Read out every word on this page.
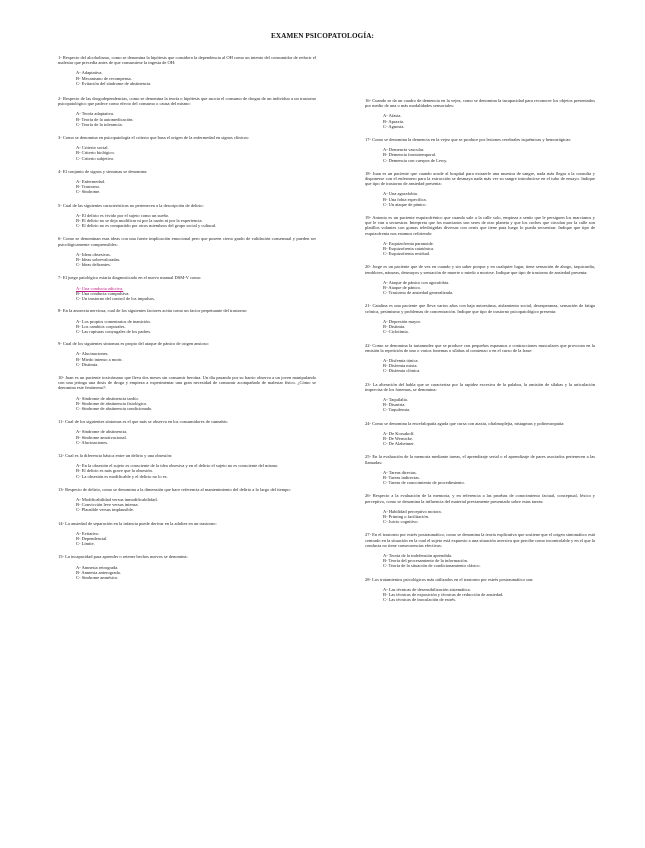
EXAMEN PSICOPATOLOGÍA:

1- Respecto del alcoholismo, como se denomina la hipótesis que considera la dependencia al OH como un intento del consumidor de reducir el malestar que precedía antes de que consumiese la ingesta de OH:

A- Adaptativa.
B- Mecanismo de recompensa.
C- Evitación del síndrome de abstinencia.

2- Respecto de las drogodependencias, como se denomina la teoría o hipótesis que asocia el consumo de drogas de un individuo a un trastorno psicopatológico que padece como efecto del consumo o causa del mismo:

A- Teoría adaptativa.
B- Teoría de la automedicación.
C- Teoría de la tolerancia.

3- Como se denomina en psicopatología el criterio que basa el origen de la enfermedad en signos clínicos:

A- Criterio social.
B- Criterio biológico.
C- Criterio subjetivo.

4- El conjunto de signos y síntomas se denomina:

A- Enfermedad.
B- Trastorno.
C- Síndrome.

5- Cual de las siguientes características no pertenecen a la descripción de delirio:

A- El delirio es vivido por el sujeto como un sueño.
B- El delirio no se deja modificar ni por la razón ni por la experiencia.
C- El delirio no es compartido por otros miembros del grupo social y cultural.

6- Como se denominan esas ideas con una fuerte implicación emocional pero que poseen cierto grado de validación consensual y pueden ser psicológicamente comprensibles:

A- Ideas obsesivas.
B- Ideas sobrevaloradas.
C- Ideas delirantes.

7- El juego patológico estaría diagnosticado en el nuevo manual DSM-V como:

A- Una conducta adictiva.
B- Una conducta compulsiva.
C- Un trastorno del control de los impulsos.

8- En la anorexia nerviosa, cual de los siguientes factores actúa como un factor perpetuante del trastorno:

A- Los propios comentarios de inanición.
B- Los cambios corporales.
C- Las rupturas conyugales de los padres.

9- Cual de los siguientes síntomas es propio del ataque de pánico de origen ansioso:

A- Alucinaciones.
B- Miedo intenso a morir.
C- Distimia.

10- Juan es un paciente toxicómano que lleva dos meses sin consumir heroína. Un día pasando por su barrio observa a un joven manipulando con una jeringa una dosis de droga y empieza a experimentar una gran necesidad de consumir acompañado de malestar físico. ¿Cómo se denomina este fenómeno?:

A- Síndrome de abstinencia tardío.
B- Síndrome de abstinencia fisiológico.
C- Síndrome de abstinencia condicionado.

11- Cual de los siguientes síntomas es el que más se observa en los consumidores de cannabis:

A- Síndrome de abstinencia.
B- Síndrome amotivacional.
C- Alucinaciones.

12- Cual es la diferencia básica entre un delirio y una obsesión:

A- En la obsesión el sujeto es consciente de la idea obsesiva y en el delirio el sujeto no es consciente del mismo.
B- El delirio es más grave que la obsesión.
C- La obsesión es modificable y el delirio no lo es.

13- Respecto de delirio, como se denomina a la dimensión que hace referencia al mantenimiento del delirio a lo largo del tiempo:

A- Modificabilidad versus inmodificabilidad.
B- Convicción leve versus intensa.
C- Plausible versus implausible.

14- La ansiedad de separación en la infancia puede derivar en la adultez en un trastorno:

A- Evitativo.
B- Dependencial.
C- Límite.

15- La incapacidad para aprender o retener hechos nuevos se denomina:

A- Amnesia retrograda.
B- Amnesia anterograda.
C- Síndrome amnésico.

16- Cuando se da un cuadro de demencia en la vejez, como se denomina la incapacidad para reconocer los objetos presentados por medio de una o más modalidades sensoriales:

A- Afasia.
B- Apraxia.
C- Agnosia.

17- Como se denomina la demencia en la vejez que se produce por lesiones cerebrales isquémicas y hemorrágicas:

A- Demencia vascular.
B- Demencia frontotemporal.
C- Demencia con cuerpos de Lewy.

18- Juan es un paciente que cuando acude al hospital para extraerle una muestra de sangre, nada más llegar a la consulta y disponerse con el enfermero para la extracción se desmaya nada más ver su sangre introducirse en el tubo de ensayo. Indique que tipo de trastorno de ansiedad presenta:

A- Una agorafobia.
B- Una fobia específica.
C- Un ataque de pánico.

19- Antonio es un paciente esquizofrénico que cuando sale a la calle solo, empieza a sentir que le persiguen los marcianos y que le van a secuestrar. Interpreta que los marcianos son seres de otro planeta y que los coches que circulan por la calle son platillos volantes con gomas teledirigidas diversas con ovnis que tiene para luego lo pueda secuestrar. Indique que tipo de esquizofrenia nos estamos refiriendo:

A- Esquizofrenia paranoide.
B- Esquizofrenia catatónica.
C- Esquizofrenia residual.

20- Jorge es un paciente que de vez en cuando y sin saber porque y en cualquier lugar, tiene sensación de ahogo, taquicardia, temblores, náuseas, desmayos y sensación de muerte o miedo a morirse. Indique que tipo de trastorno de ansiedad presenta:

A- Ataque de pánico con agorafobia.
B- Ataque de pánico.
C- Trastorno de ansiedad generalizada.

21- Catalina es una paciente que lleva varios años con baja autoestima, aislamiento social, desesperanza, sensación de fatiga crónica, pesimismo y problemas de concentración. Indique que tipo de trastorno psicopatológico presenta:

A- Depresión mayor.
B- Distimia.
C- Ciclotimia.

22- Como se denomina la tartamudez que se produce con pequeños espasmos o contracciones musculares que provocan en la emisión la repetición de uno o varios fonemas o sílabas al comienzo o en el curso de la frase:

A- Disfemia tónica.
B- Disfemia mixta.
C- Disfemia clónica.

23- La alteración del habla que se caracteriza por la rapidez excesiva de la palabra, la omisión de sílabas y la articulación imprecisa de los fonemas, se denomina:

A- Taquilalia.
B- Disartria.
C- Taquifemia.

24- Como se denomina la encefalopatía aguda que cursa con ataxia, oftalmoplejia, nistagmus y polineuropatía:

A- De Korsakoff.
B- De Wernicke.
C- De Alzheimer.

25- En la evaluación de la memoria mediante tareas, el aprendizaje serial o el aprendizaje de pares asociados pertenecen a las llamadas:

A- Tareas directas.
B- Tareas indirectas.
C- Tareas de conocimiento de procedimiento.

26- Respecto a la evaluación de la memoria, y en referencia a las pruebas de conocimiento factual, conceptual, léxico y perceptivo, como se denomina la influencia del material previamente presentado sobre estas tareas:

A- Habilidad perceptivo motora.
B- Priming o facilitación.
C- Juicio cognitivo.

27- En el trastorno por estrés postraumático, como se denomina la teoría explicativa que sostiene que el origen sintomático está centrado en la situación en la cual el sujeto está expuesto a una situación aversiva que percibe como incontrolable y en el que la conducta no tiene consecuencias efectivas:

A- Teoría de la indefensión aprendida.
B- Teoría del procesamiento de la información.
C- Teoría de la situación de condicionamiento clásico.

28- Los tratamientos psicológicos más utilizados en el trastorno por estrés postraumático son:

A- Las técnicas de desensibilización sistemática.
B- Las técnicas de exposición y técnicas de reducción de ansiedad.
C- Las técnicas de inoculación de estrés.
